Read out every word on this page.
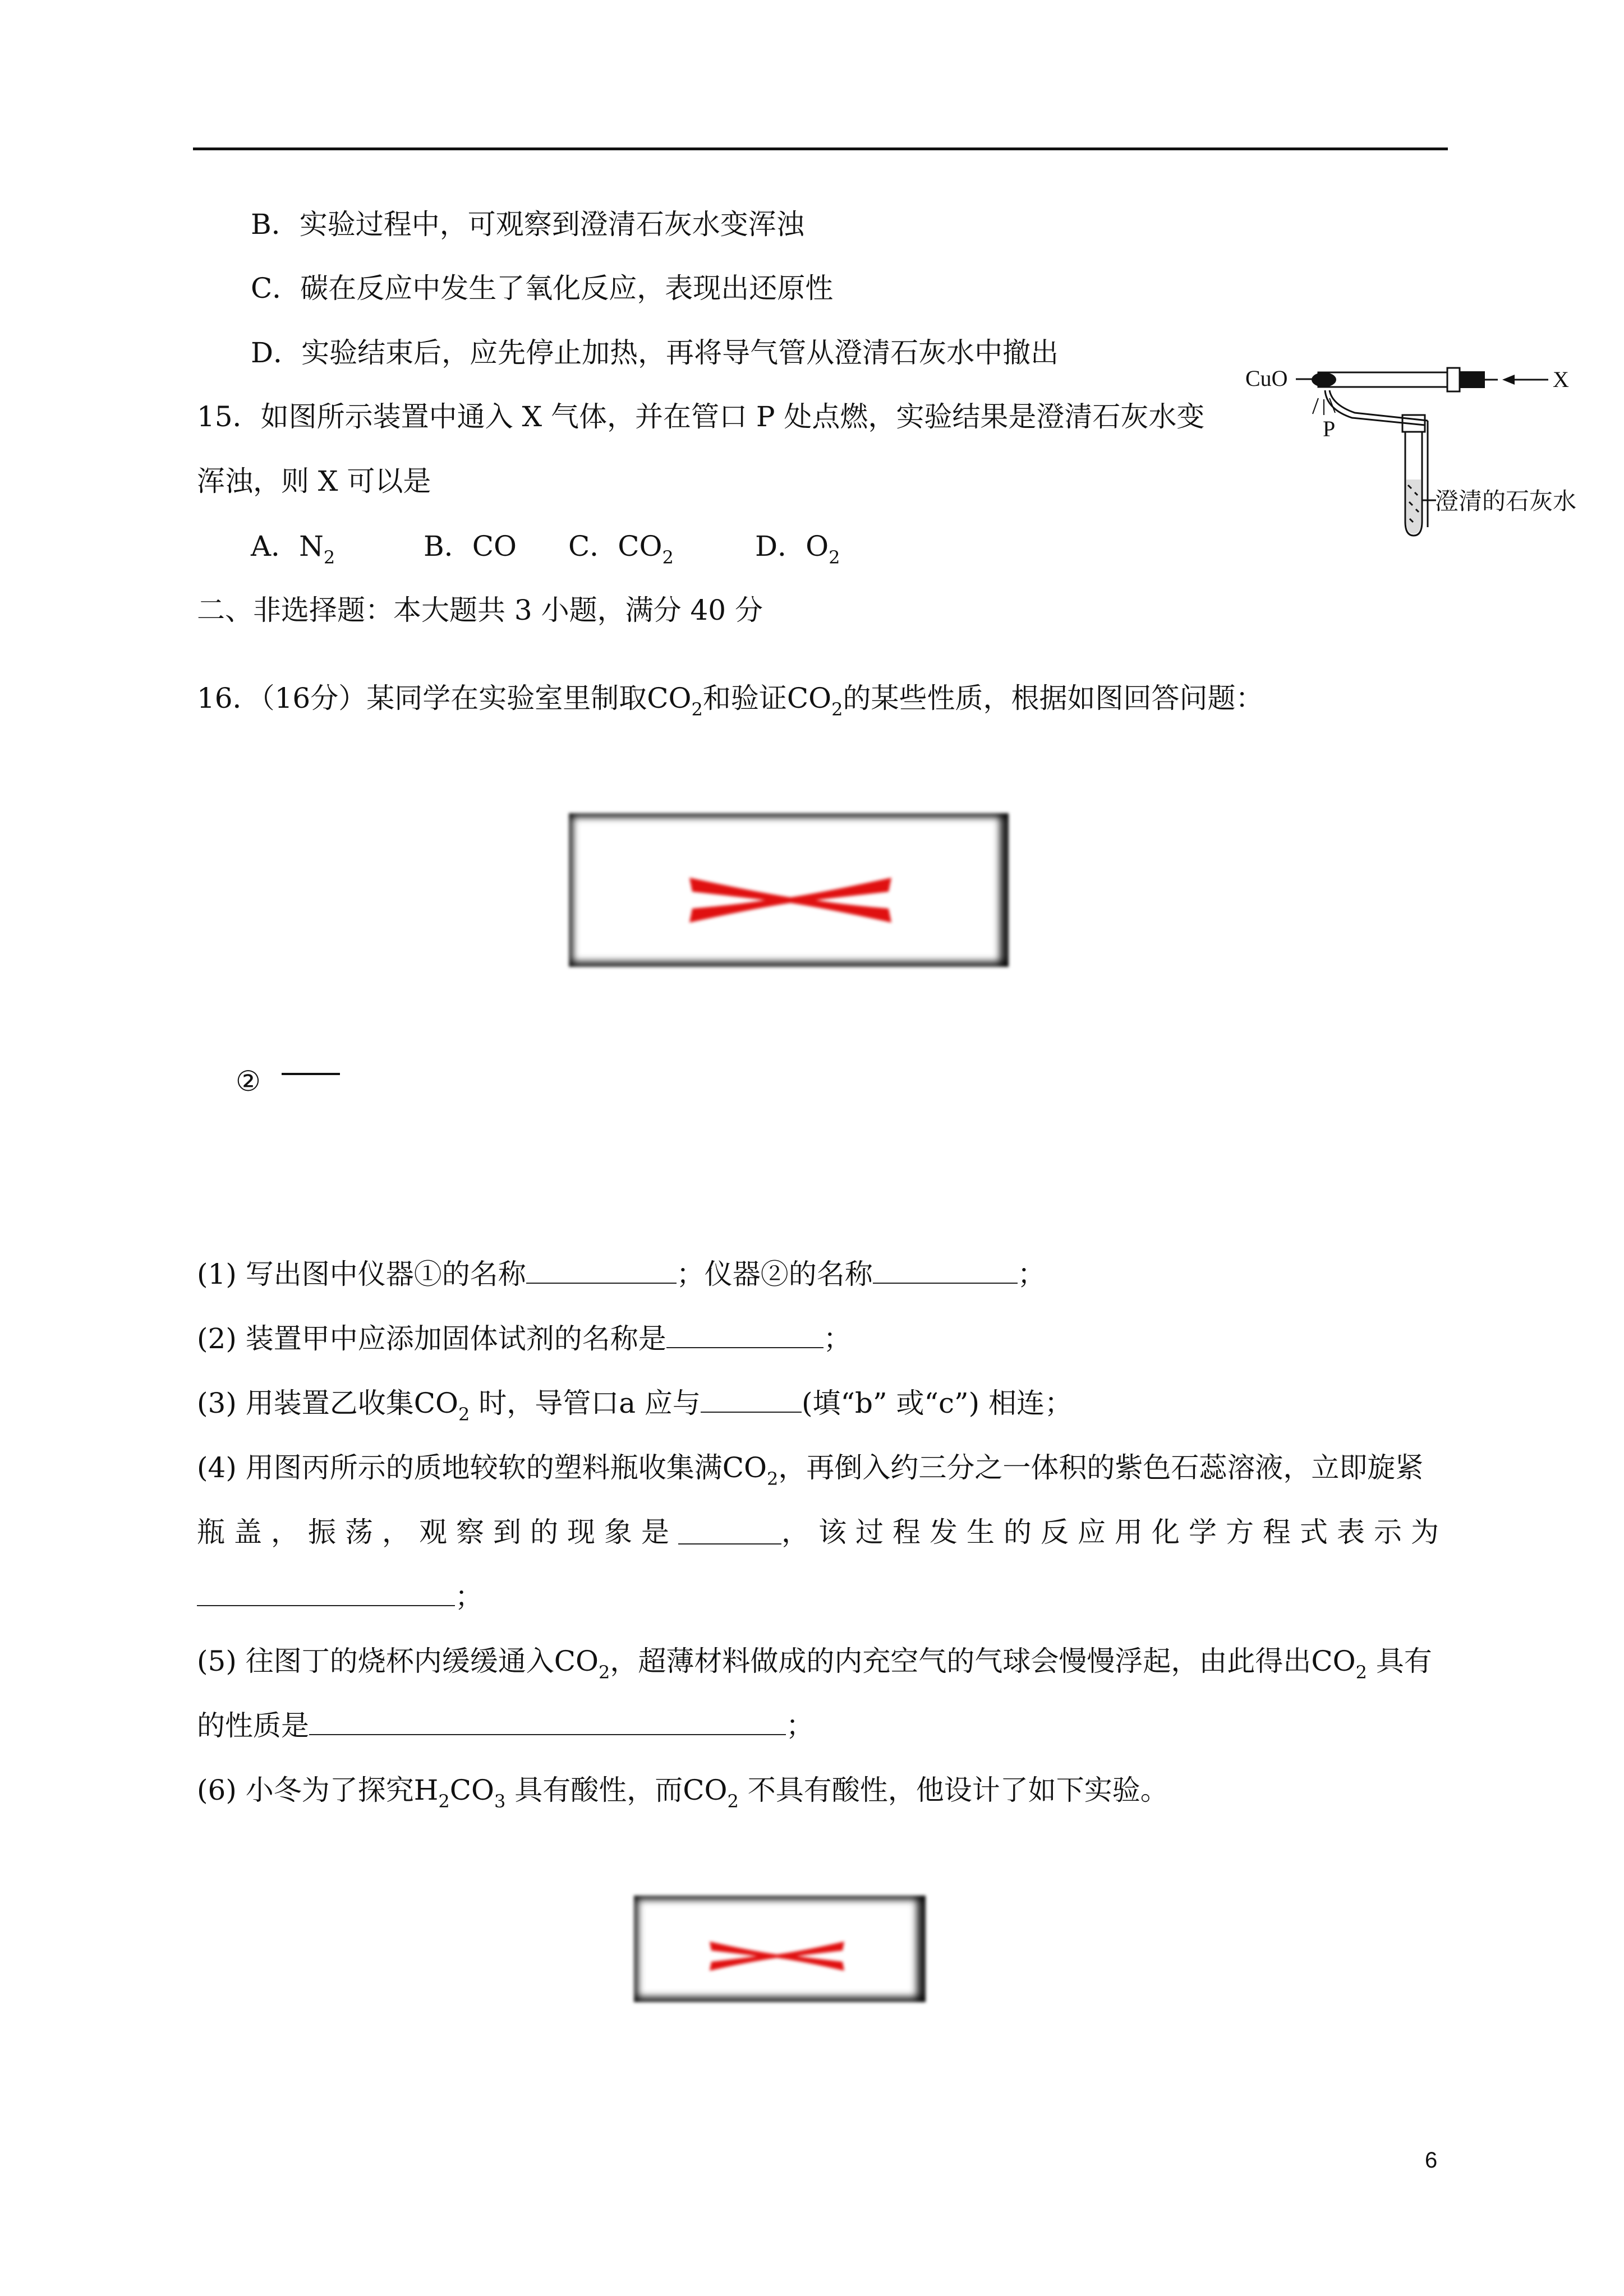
B．实验过程中，可观察到澄清石灰水变浑浊
C．碳在反应中发生了氧化反应，表现出还原性
D．实验结束后，应先停止加热，再将导气管从澄清石灰水中撤出
15．如图所示装置中通入 X 气体，并在管口 P 处点燃，实验结果是澄清石灰水变
浑浊，则 X 可以是
A．$N_2$	B．CO C．$CO_2$	D．$O_2$
CuO	X
P
澄清的石灰水
二、非选择题：本大题共 3 小题，满分 40 分
16．（16分）某同学在实验室里制取$CO_2$和验证$CO_2$的某些性质，根据如图回答问题：
②
(1) 写出图中仪器①的名称	；仪器②的名称	；
(2) 装置甲中应添加固体试剂的名称是	；
(3) 用装置乙收集$CO_2$ 时，导管口a 应与	(填“b” 或“c”) 相连；
(4) 用图丙所示的质地较软的塑料瓶收集满$CO_2$，再倒入约三分之一体积的紫色石蕊溶液，立即旋紧
瓶盖，振荡，观察到的现象是	，该过程发生的反应用化学方程式表示为
；
(5) 往图丁的烧杯内缓缓通入$CO_2$，超薄材料做成的内充空气的气球会慢慢浮起，由此得出$CO_2$ 具有
的性质是	；
(6) 小冬为了探究$H_2CO_3$ 具有酸性，而$CO_2$ 不具有酸性，他设计了如下实验。
6
